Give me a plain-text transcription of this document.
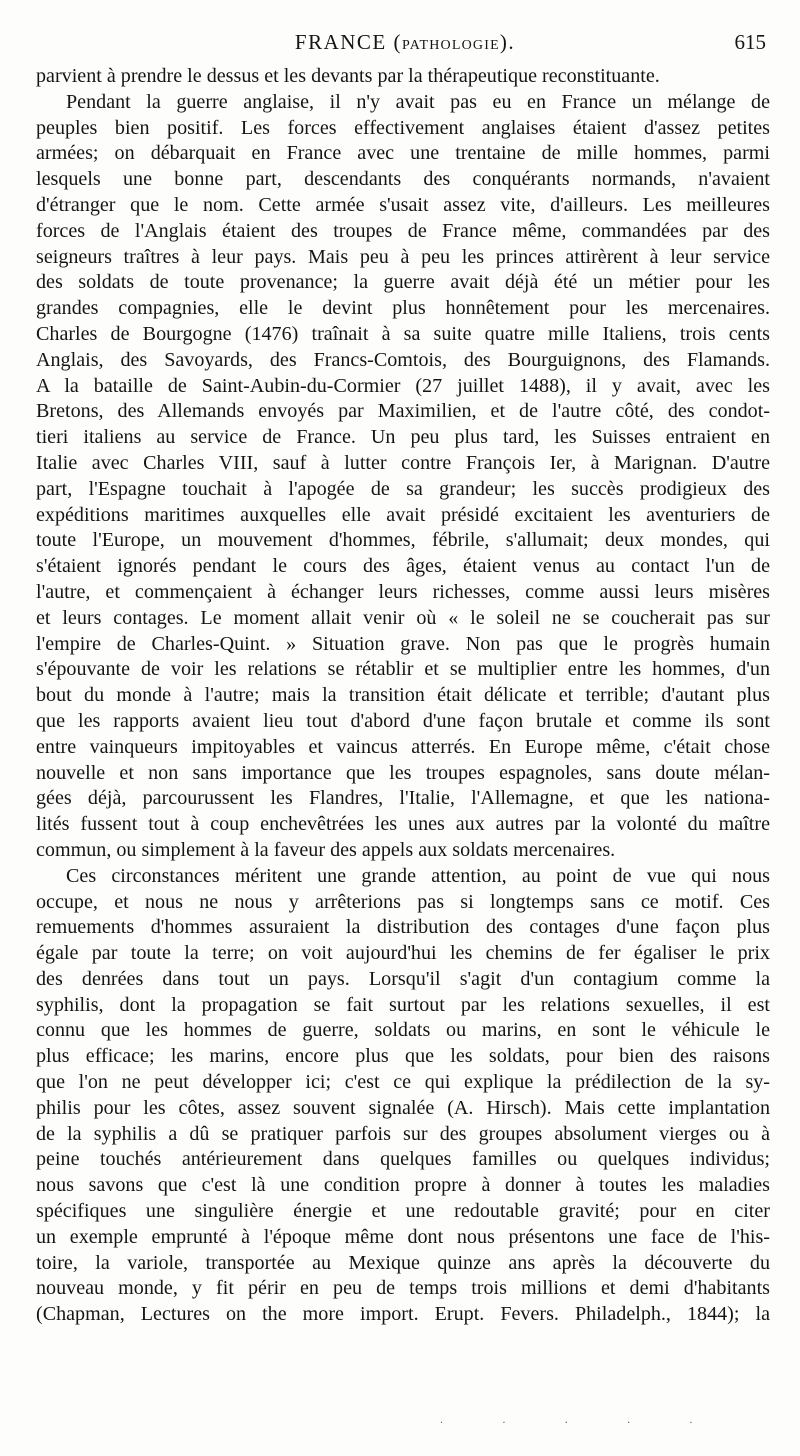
FRANCE (PATHOLOGIE).	615

parvient à prendre le dessus et les devants par la thérapeutique reconstituante.

Pendant la guerre anglaise, il n'y avait pas eu en France un mélange de

peuples bien positif. Les forces effectivement anglaises étaient d'assez petites

armées; on débarquait en France avec une trentaine de mille hommes, parmi

lesquels une bonne part, descendants des conquérants normands, n'avaient

d'étranger que le nom. Cette armée s'usait assez vite, d'ailleurs. Les meilleures

forces de l'Anglais étaient des troupes de France même, commandées par des

seigneurs traîtres à leur pays. Mais peu à peu les princes attirèrent à leur service

des soldats de toute provenance; la guerre avait déjà été un métier pour les

grandes compagnies, elle le devint plus honnêtement pour les mercenaires.

Charles de Bourgogne (1476) traînait à sa suite quatre mille Italiens, trois cents

Anglais, des Savoyards, des Francs-Comtois, des Bourguignons, des Flamands.

A la bataille de Saint-Aubin-du-Cormier (27 juillet 1488), il y avait, avec les

Bretons, des Allemands envoyés par Maximilien, et de l'autre côté, des condot-

tieri italiens au service de France. Un peu plus tard, les Suisses entraient en

Italie avec Charles VIII, sauf à lutter contre François Ier, à Marignan. D'autre

part, l'Espagne touchait à l'apogée de sa grandeur; les succès prodigieux des

expéditions maritimes auxquelles elle avait présidé excitaient les aventuriers de

toute l'Europe, un mouvement d'hommes, fébrile, s'allumait; deux mondes, qui

s'étaient ignorés pendant le cours des âges, étaient venus au contact l'un de

l'autre, et commençaient à échanger leurs richesses, comme aussi leurs misères

et leurs contages. Le moment allait venir où « le soleil ne se coucherait pas sur

l'empire de Charles-Quint. » Situation grave. Non pas que le progrès humain

s'épouvante de voir les relations se rétablir et se multiplier entre les hommes, d'un

bout du monde à l'autre; mais la transition était délicate et terrible; d'autant plus

que les rapports avaient lieu tout d'abord d'une façon brutale et comme ils sont

entre vainqueurs impitoyables et vaincus atterrés. En Europe même, c'était chose

nouvelle et non sans importance que les troupes espagnoles, sans doute mélan-

gées déjà, parcourussent les Flandres, l'Italie, l'Allemagne, et que les nationa-

lités fussent tout à coup enchevêtrées les unes aux autres par la volonté du maître

commun, ou simplement à la faveur des appels aux soldats mercenaires.

Ces circonstances méritent une grande attention, au point de vue qui nous

occupe, et nous ne nous y arrêterions pas si longtemps sans ce motif. Ces

remuements d'hommes assuraient la distribution des contages d'une façon plus

égale par toute la terre; on voit aujourd'hui les chemins de fer égaliser le prix

des denrées dans tout un pays. Lorsqu'il s'agit d'un contagium comme la

syphilis, dont la propagation se fait surtout par les relations sexuelles, il est

connu que les hommes de guerre, soldats ou marins, en sont le véhicule le

plus efficace; les marins, encore plus que les soldats, pour bien des raisons

que l'on ne peut développer ici; c'est ce qui explique la prédilection de la sy-

philis pour les côtes, assez souvent signalée (A. Hirsch). Mais cette implantation

de la syphilis a dû se pratiquer parfois sur des groupes absolument vierges ou à

peine touchés antérieurement dans quelques familles ou quelques individus;

nous savons que c'est là une condition propre à donner à toutes les maladies

spécifiques une singulière énergie et une redoutable gravité; pour en citer

un exemple emprunté à l'époque même dont nous présentons une face de l'his-

toire, la variole, transportée au Mexique quinze ans après la découverte du

nouveau monde, y fit périr en peu de temps trois millions et demi d'habitants

(Chapman, Lectures on the more import. Erupt. Fevers. Philadelph., 1844); la

· · · · ·
